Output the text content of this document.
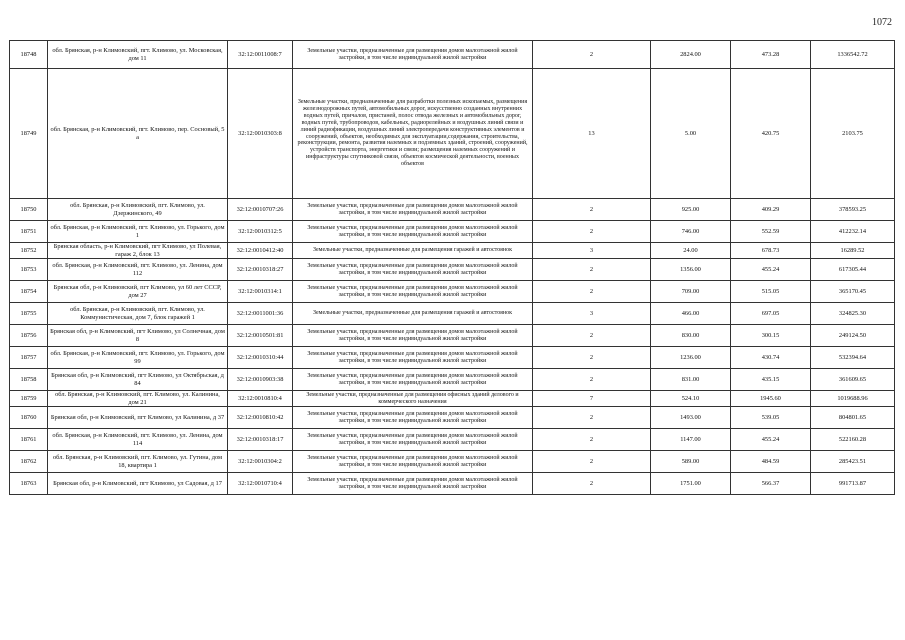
1072
18748	обл. Брянская, р-н Климовский, пгт. Климово, ул. Московская, дом 11	32:12:0011008:7	Земельные участки, предназначенные для размещения домов малоэтажной жилой застройки, в том числе индивидуальной жилой застройки	2	2824.00	473.28	1336542.72
18749	обл. Брянская, р-н Климовский, пгт. Климово, пер. Сосновый, 5 а	32:12:0010303:8	Земельные участки, предназначенные для разработки полезных ископаемых, размещения железнодорожных путей, автомобильных дорог, искусственно созданных внутренних водных путей, причалов, пристаней, полос отвода железных и автомобильных дорог, водных путей, трубопроводов, кабельных, радиорелейных и воздушных линий связи и линий радиофикации, воздушных линий электропередачи конструктивных элементов и сооружений, объектов, необходимых для эксплуатации,содержания, строительства, реконструкции, ремонта, развития наземных и подземных зданий, строений, сооружений, устройств транспорта, энергетики и связи; размещения наземных сооружений и инфраструктуры спутниковой связи, объектов космической деятельности, военных объектов	13	5.00	420.75	2103.75
18750	обл. Брянская, р-н Климовский, пгт. Климово, ул. Дзержинского, 49	32:12:0010707:26	Земельные участки, предназначенные для размещения домов малоэтажной жилой застройки, в том числе индивидуальной жилой застройки	2	925.00	409.29	378593.25
18751	обл. Брянская, р-н Климовский, пгт. Климово, ул. Горького, дом 1	32:12:0010312:5	Земельные участки, предназначенные для размещения домов малоэтажной жилой застройки, в том числе индивидуальной жилой застройки	2	746.00	552.59	412232.14
18752	Брянская область, р-н Климовский, пгт Климово, ул Полевая, гараж 2, блок 13	32:12:0010412:40	Земельные участки, предназначенные для размещения гаражей и автостоянок	3	24.00	678.73	16289.52
18753	обл. Брянская, р-н Климовский, пгт. Климово, ул. Ленина, дом 112	32:12:0010318:27	Земельные участки, предназначенные для размещения домов малоэтажной жилой застройки, в том числе индивидуальной жилой застройки	2	1356.00	455.24	617305.44
18754	Брянская обл, р-н Климовский, пгт Климово, ул 60 лет СССР, дом 27	32:12:0010314:1	Земельные участки, предназначенные для размещения домов малоэтажной жилой застройки, в том числе индивидуальной жилой застройки	2	709.00	515.05	365170.45
18755	обл. Брянская, р-н Климовский, пгт. Климово, ул. Коммунистическая, дом 7, блок гаражей 1	32:12:0011001:36	Земельные участки, предназначенные для размещения гаражей и автостоянок	3	466.00	697.05	324825.30
18756	Брянская обл, р-н Климовский, пгт Климово, ул Солнечная, дом 8	32:12:0010501:81	Земельные участки, предназначенные для размещения домов малоэтажной жилой застройки, в том числе индивидуальной жилой застройки	2	830.00	300.15	249124.50
18757	обл. Брянская, р-н Климовский, пгт. Климово, ул. Горького, дом 99	32:12:0010310:44	Земельные участки, предназначенные для размещения домов малоэтажной жилой застройки, в том числе индивидуальной жилой застройки	2	1236.00	430.74	532394.64
18758	Брянская обл, р-н Климовский, пгт Климово, ул Октябрьская, д 84	32:12:0010903:38	Земельные участки, предназначенные для размещения домов малоэтажной жилой застройки, в том числе индивидуальной жилой застройки	2	831.00	435.15	361609.65
18759	обл. Брянская, р-н Климовский, пгт. Климово, ул. Калинина, дом 21	32:12:0010810:4	Земельные участки, предназначенные для размещения офисных зданий делового и коммерческого назначения	7	524.10	1945.60	1019688.96
18760	Брянская обл, р-н Климовский, пгт Климово, ул Калинина, д 37	32:12:0010810:42	Земельные участки, предназначенные для размещения домов малоэтажной жилой застройки, в том числе индивидуальной жилой застройки	2	1493.00	539.05	804801.65
18761	обл. Брянская, р-н Климовский, пгт. Климово, ул. Ленина, дом 114	32:12:0010318:17	Земельные участки, предназначенные для размещения домов малоэтажной жилой застройки, в том числе индивидуальной жилой застройки	2	1147.00	455.24	522160.28
18762	обл. Брянская, р-н Климовский, пгт. Климово, ул. Гутина, дом 18, квартира 1	32:12:0010304:2	Земельные участки, предназначенные для размещения домов малоэтажной жилой застройки, в том числе индивидуальной жилой застройки	2	589.00	484.59	285423.51
18763	Брянская обл, р-н Климовский, пгт Климово, ул Садовая, д 17	32:12:0010710:4	Земельные участки, предназначенные для размещения домов малоэтажной жилой застройки, в том числе индивидуальной жилой застройки	2	1751.00	566.37	991713.87
